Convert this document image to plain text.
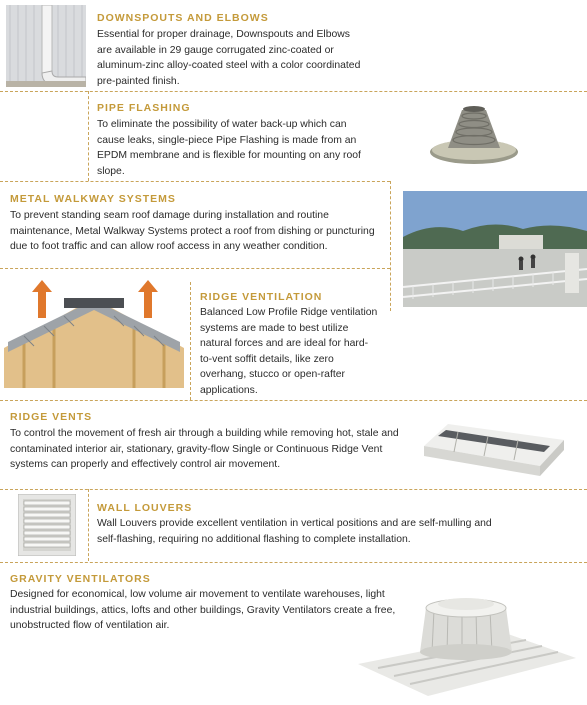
DOWNSPOUTS AND ELBOWS
Essential for proper drainage, Downspouts and Elbows are available in 29 gauge corrugated zinc-coated or aluminum-zinc alloy-coated steel with a color coordinated pre-painted finish.
PIPE FLASHING
To eliminate the possibility of water back-up which can cause leaks, single-piece Pipe Flashing is made from an EPDM membrane and is flexible for mounting on any roof slope.
METAL WALKWAY SYSTEMS
To prevent standing seam roof damage during installation and routine maintenance, Metal Walkway Systems protect a roof from dishing or puncturing due to foot traffic and can allow roof access in any weather condition.
RIDGE VENTILATION
Balanced Low Profile Ridge ventilation systems are made to best utilize natural forces and are ideal for hard-to-vent soffit details, like zero overhang, stucco or open-rafter applications.
RIDGE VENTS
To control the movement of fresh air through a building while removing hot, stale and contaminated interior air, stationary, gravity-flow Single or Continuous Ridge Vent systems can properly and effectively control air movement.
WALL LOUVERS
Wall Louvers provide excellent ventilation in vertical positions and are self-mulling and self-flashing, requiring no additional flashing to complete installation.
GRAVITY VENTILATORS
Designed for economical, low volume air movement to ventilate warehouses, light industrial buildings, attics, lofts and other buildings, Gravity Ventilators create a free, unobstructed flow of ventilation air.
